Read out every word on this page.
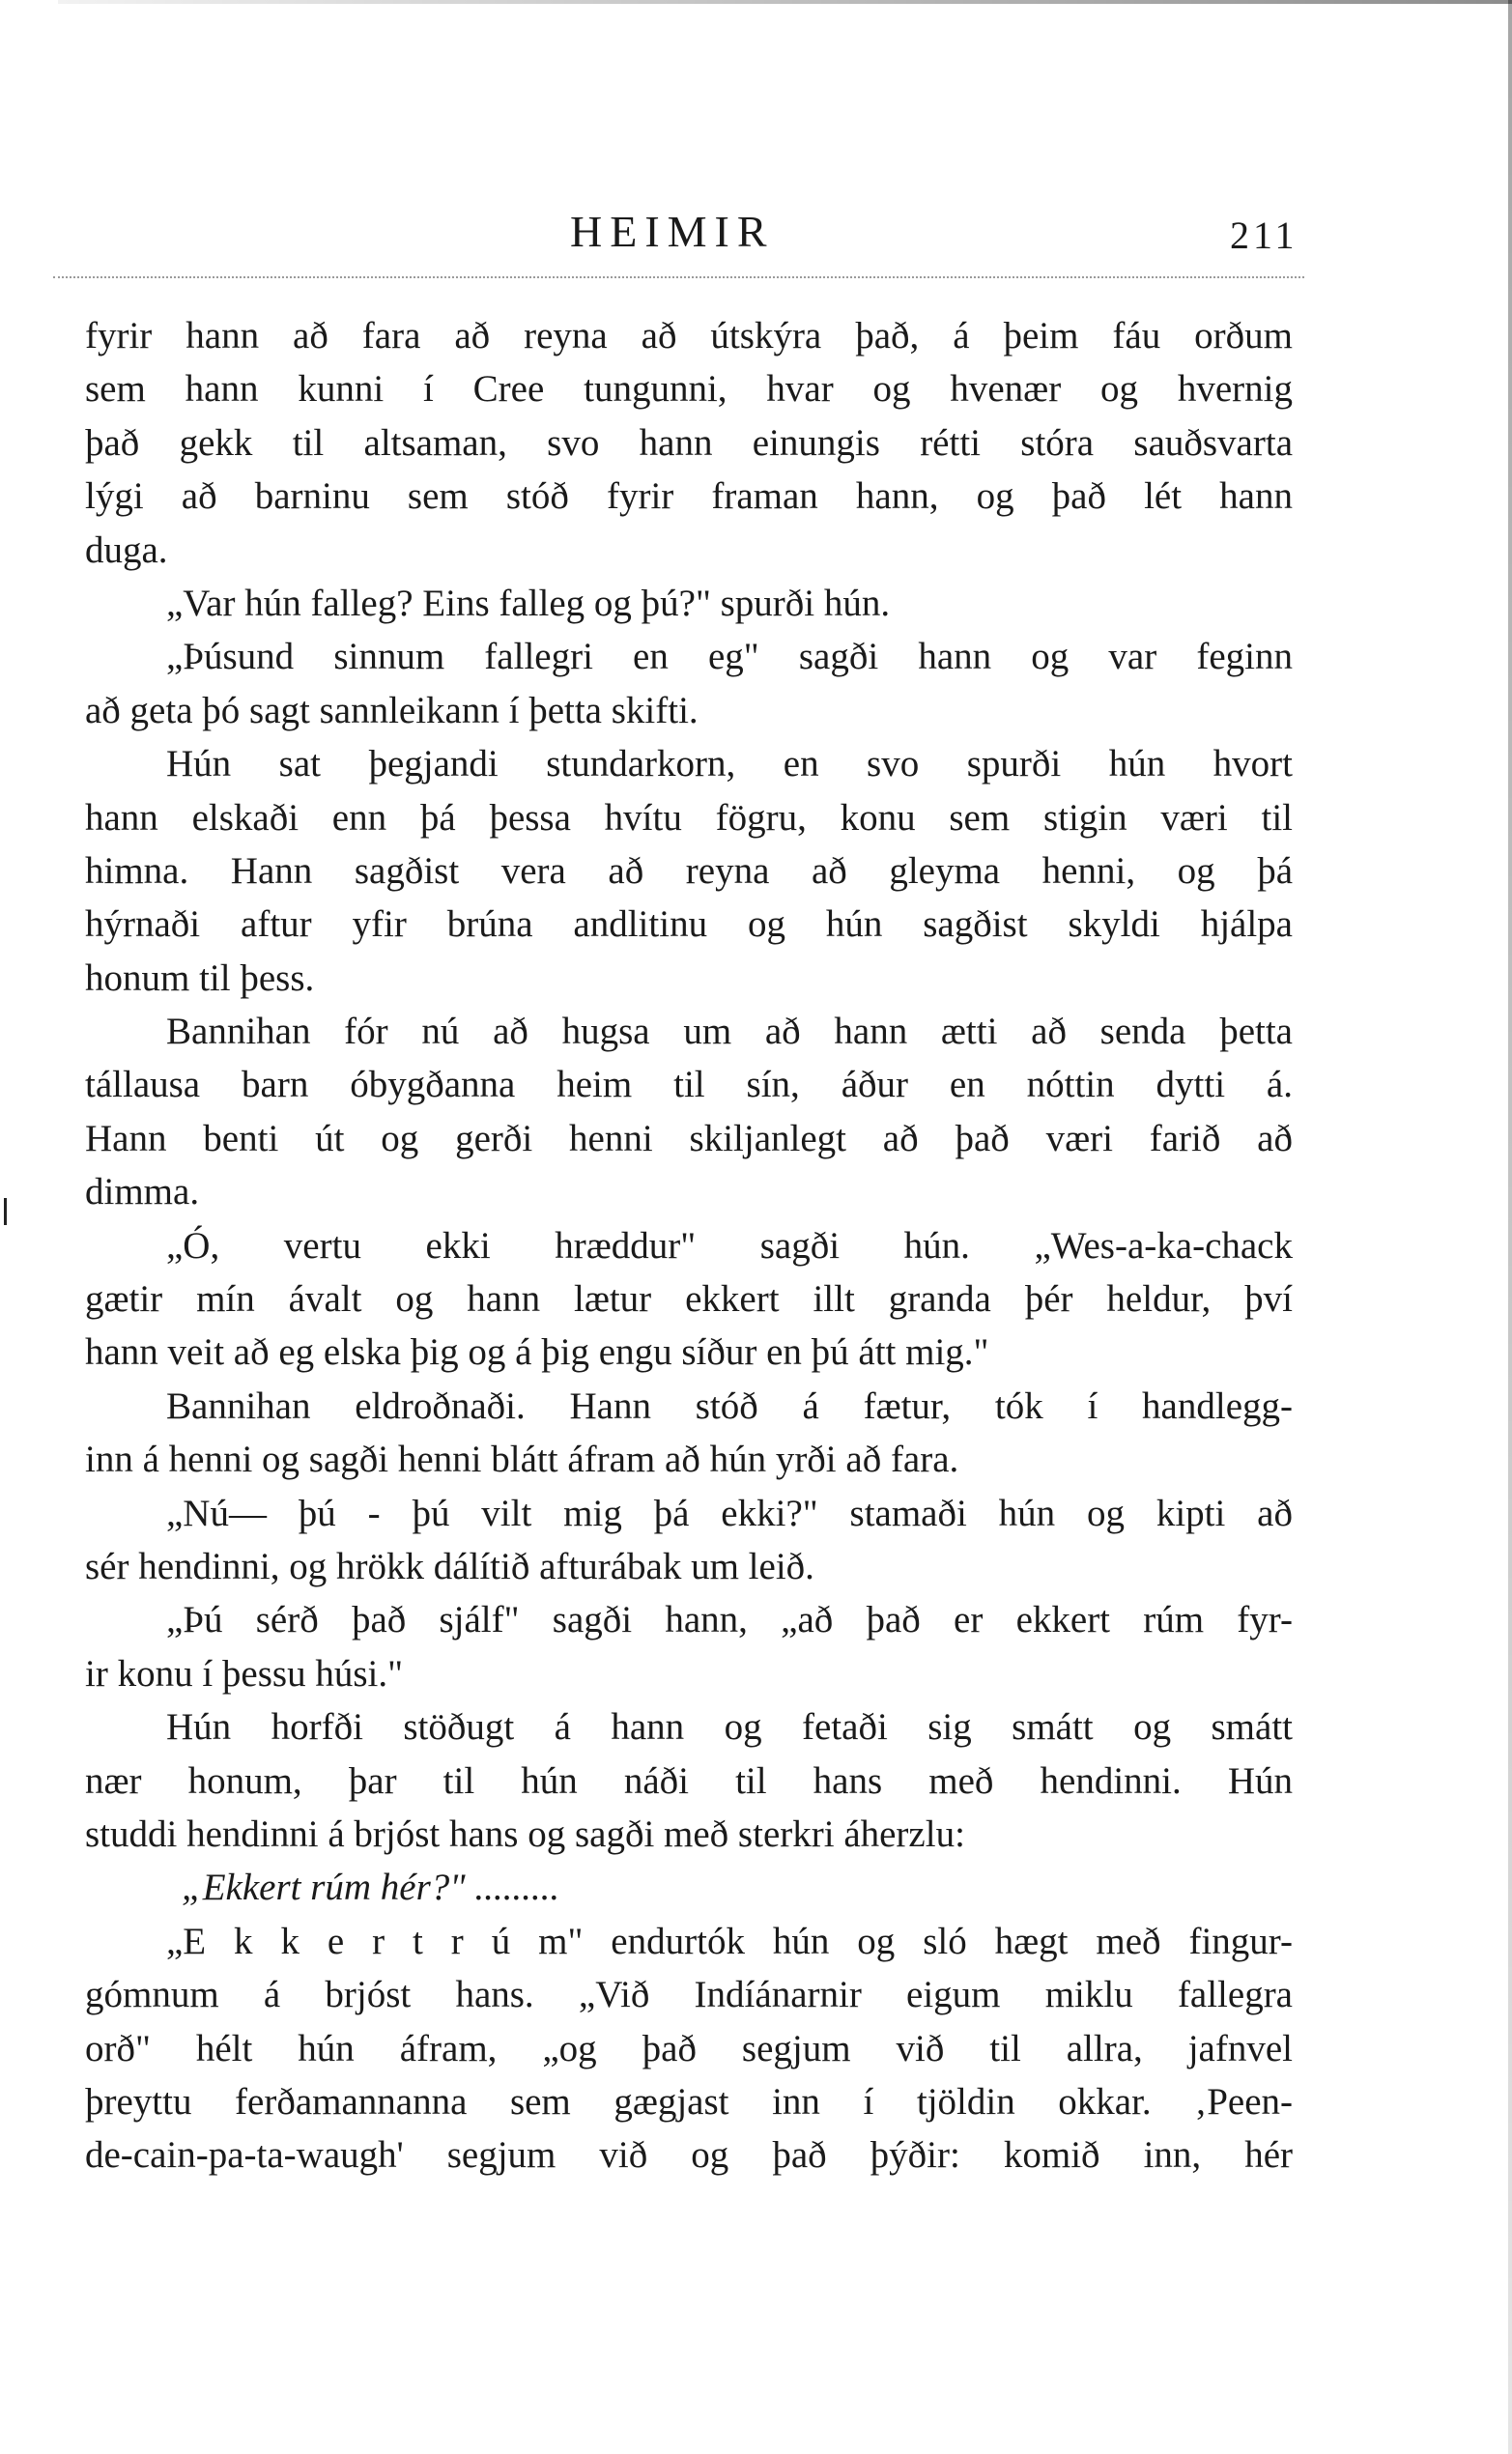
HEIMIR	211
fyrir hann að fara að reyna að útskýra það, á þeim fáu orðum
sem hann kunni í Cree tungunni, hvar og hvenær og hvernig
það gekk til altsaman, svo hann einungis rétti stóra sauðsvarta
lýgi að barninu sem stóð fyrir framan hann, og það lét hann
duga.
„Var hún falleg? Eins falleg og þú?" spurði hún.
„Þúsund sinnum fallegri en eg" sagði hann og var feginn
að geta þó sagt sannleikann í þetta skifti.
Hún sat þegjandi stundarkorn, en svo spurði hún hvort
hann elskaði enn þá þessa hvítu fögru, konu sem stigin væri til
himna. Hann sagðist vera að reyna að gleyma henni, og þá
hýrnaði aftur yfir brúna andlitinu og hún sagðist skyldi hjálpa
honum til þess.
Bannihan fór nú að hugsa um að hann ætti að senda þetta
tállausa barn óbygðanna heim til sín, áður en nóttin dytti á.
Hann benti út og gerði henni skiljanlegt að það væri farið að
dimma.
„Ó, vertu ekki hræddur" sagði hún. „Wes-a-ka-chack
gætir mín ávalt og hann lætur ekkert illt granda þér heldur, því
hann veit að eg elska þig og á þig engu síður en þú átt mig."
Bannihan eldroðnaði. Hann stóð á fætur, tók í handlegg-
inn á henni og sagði henni blátt áfram að hún yrði að fara.
„Nú— þú - þú vilt mig þá ekki?" stamaði hún og kipti að
sér hendinni, og hrökk dálítið afturábak um leið.
„Þú sérð það sjálf" sagði hann, „að það er ekkert rúm fyr-
ir konu í þessu húsi."
Hún horfði stöðugt á hann og fetaði sig smátt og smátt
nær honum, þar til hún náði til hans með hendinni. Hún
studdi hendinni á brjóst hans og sagði með sterkri áherzlu:
„Ekkert rúm hér?" .........
„E k k e r t r ú m" endurtók hún og sló hægt með fingur-
gómnum á brjóst hans. „Við Indíánarnir eigum miklu fallegra
orð" hélt hún áfram, „og það segjum við til allra, jafnvel
þreyttu ferðamannanna sem gægjast inn í tjöldin okkar. ‚Peen-
de-cain-pa-ta-waugh' segjum við og það þýðir: komið inn, hér
